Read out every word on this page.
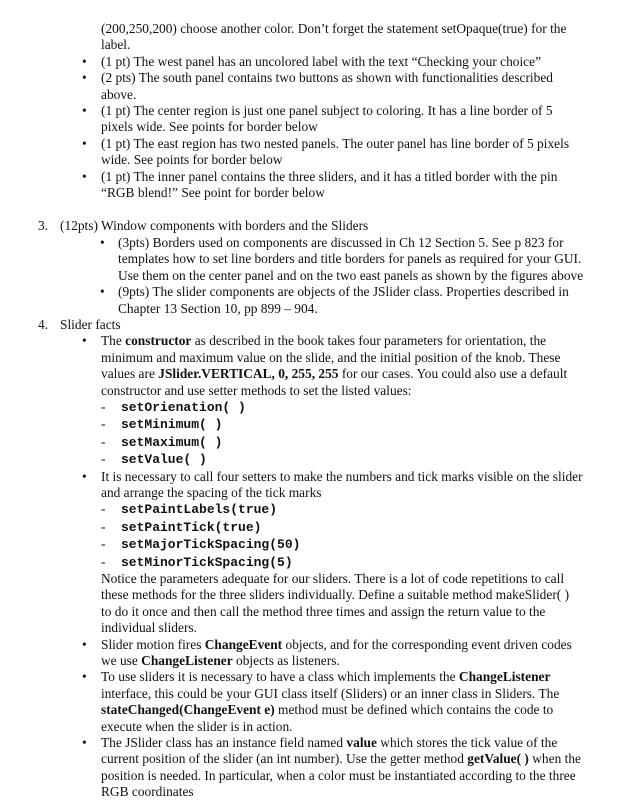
(200,250,200) choose another color. Don’t forget the statement setOpaque(true) for the
label.
• (1 pt) The west panel has an uncolored label with the text “Checking your choice”
• (2 pts) The south panel contains two buttons as shown with functionalities described
above.
• (1 pt) The center region is just one panel subject to coloring. It has a line border of 5
pixels wide. See points for border below
• (1 pt) The east region has two nested panels. The outer panel has line border of 5 pixels
wide. See points for border below
• (1 pt) The inner panel contains the three sliders, and it has a titled border with the pin
“RGB blend!” See point for border below
3. (12pts) Window components with borders and the Sliders
• (3pts) Borders used on components are discussed in Ch 12 Section 5. See p 823 for
templates how to set line borders and title borders for panels as required for your GUI.
Use them on the center panel and on the two east panels as shown by the figures above
• (9pts) The slider components are objects of the JSlider class. Properties described in
Chapter 13 Section 10, pp 899 – 904.
4. Slider facts
• The constructor as described in the book takes four parameters for orientation, the
minimum and maximum value on the slide, and the initial position of the knob. These
values are JSlider.VERTICAL, 0, 255, 255 for our cases. You could also use a default
constructor and use setter methods to set the listed values:
- setOrienation( )
- setMinimum( )
- setMaximum( )
- setValue( )
• It is necessary to call four setters to make the numbers and tick marks visible on the slider
and arrange the spacing of the tick marks
- setPaintLabels(true)
- setPaintTick(true)
- setMajorTickSpacing(50)
- setMinorTickSpacing(5)
Notice the parameters adequate for our sliders. There is a lot of code repetitions to call
these methods for the three sliders individually. Define a suitable method makeSlider( )
to do it once and then call the method three times and assign the return value to the
individual sliders.
• Slider motion fires ChangeEvent objects, and for the corresponding event driven codes
we use ChangeListener objects as listeners.
• To use sliders it is necessary to have a class which implements the ChangeListener
interface, this could be your GUI class itself (Sliders) or an inner class in Sliders. The
stateChanged(ChangeEvent e) method must be defined which contains the code to
execute when the slider is in action.
• The JSlider class has an instance field named value which stores the tick value of the
current position of the slider (an int number). Use the getter method getValue( ) when the
position is needed. In particular, when a color must be instantiated according to the three
RGB coordinates
